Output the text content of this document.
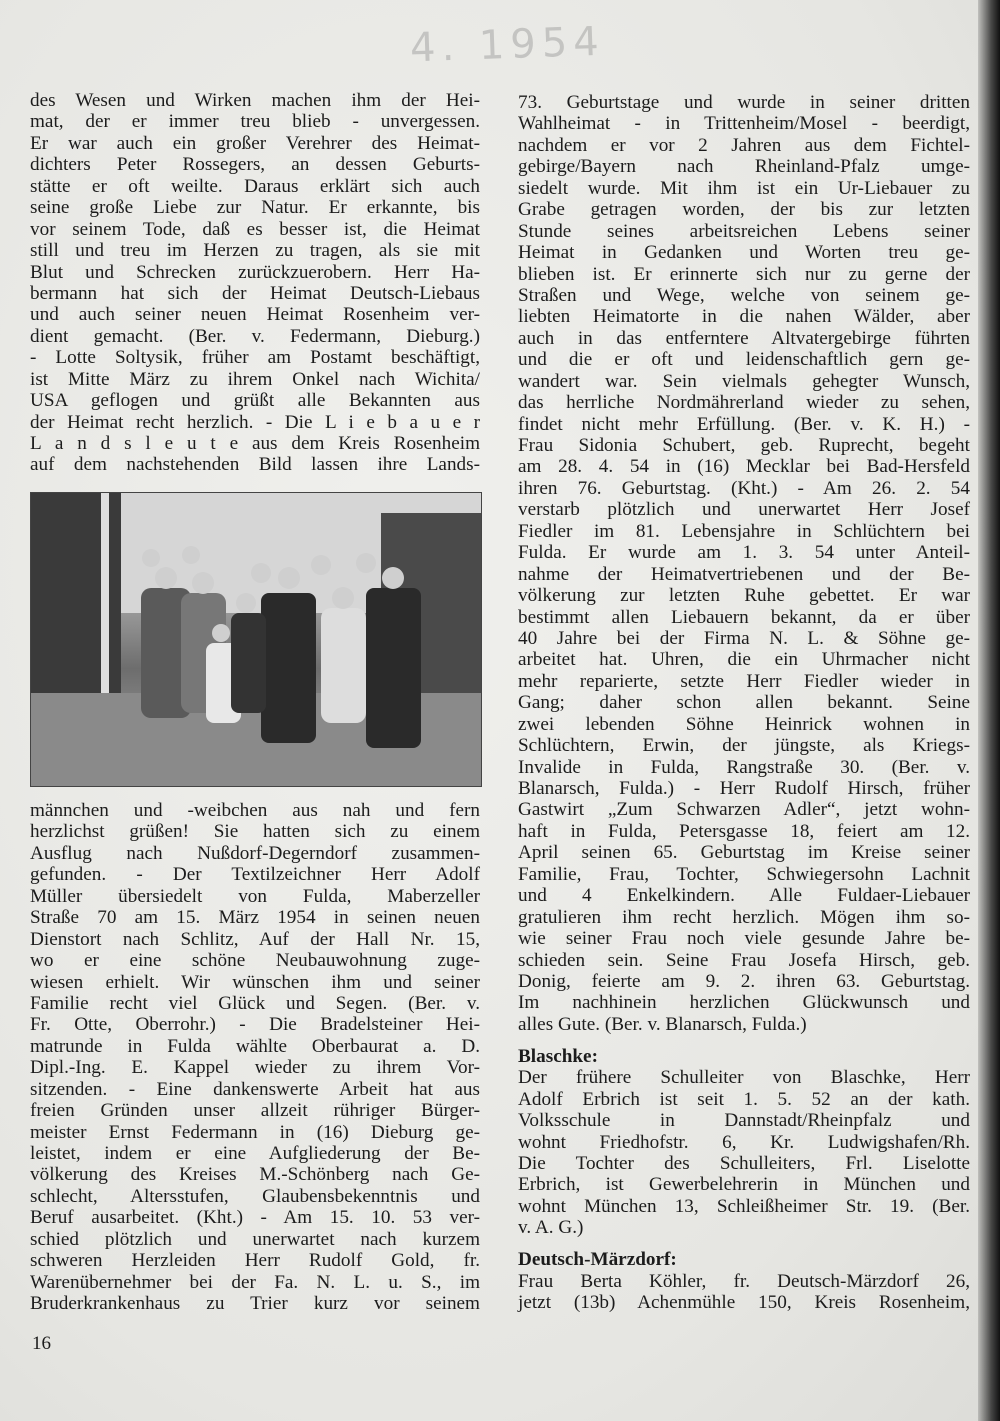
4. 1954
des Wesen und Wirken machen ihm der Hei-
mat, der er immer treu blieb - unvergessen.
Er war auch ein großer Verehrer des Heimat-
dichters Peter Rossegers, an dessen Geburts-
stätte er oft weilte. Daraus erklärt sich auch
seine große Liebe zur Natur. Er erkannte, bis
vor seinem Tode, daß es besser ist, die Heimat
still und treu im Herzen zu tragen, als sie mit
Blut und Schrecken zurückzuerobern. Herr Ha-
bermann hat sich der Heimat Deutsch-Liebaus
und auch seiner neuen Heimat Rosenheim ver-
dient gemacht. (Ber. v. Federmann, Dieburg.)
- Lotte Soltysik, früher am Postamt beschäftigt,
ist Mitte März zu ihrem Onkel nach Wichita/
USA geflogen und grüßt alle Bekannten aus
der Heimat recht herzlich. - Die L i e b a u e r
L a n d s l e u t e aus dem Kreis Rosenheim
auf dem nachstehenden Bild lassen ihre Lands-
männchen und -weibchen aus nah und fern
herzlichst grüßen! Sie hatten sich zu einem
Ausflug nach Nußdorf-Degerndorf zusammen-
gefunden. - Der Textilzeichner Herr Adolf
Müller übersiedelt von Fulda, Maberzeller
Straße 70 am 15. März 1954 in seinen neuen
Dienstort nach Schlitz, Auf der Hall Nr. 15,
wo er eine schöne Neubauwohnung zuge-
wiesen erhielt. Wir wünschen ihm und seiner
Familie recht viel Glück und Segen. (Ber. v.
Fr. Otte, Oberrohr.) - Die Bradelsteiner Hei-
matrunde in Fulda wählte Oberbaurat a. D.
Dipl.-Ing. E. Kappel wieder zu ihrem Vor-
sitzenden. - Eine dankenswerte Arbeit hat aus
freien Gründen unser allzeit rühriger Bürger-
meister Ernst Federmann in (16) Dieburg ge-
leistet, indem er eine Aufgliederung der Be-
völkerung des Kreises M.-Schönberg nach Ge-
schlecht, Altersstufen, Glaubensbekenntnis und
Beruf ausarbeitet. (Kht.) - Am 15. 10. 53 ver-
schied plötzlich und unerwartet nach kurzem
schweren Herzleiden Herr Rudolf Gold, fr.
Warenübernehmer bei der Fa. N. L. u. S., im
Bruderkrankenhaus zu Trier kurz vor seinem
73. Geburtstage und wurde in seiner dritten
Wahlheimat - in Trittenheim/Mosel - beerdigt,
nachdem er vor 2 Jahren aus dem Fichtel-
gebirge/Bayern nach Rheinland-Pfalz umge-
siedelt wurde. Mit ihm ist ein Ur-Liebauer zu
Grabe getragen worden, der bis zur letzten
Stunde seines arbeitsreichen Lebens seiner
Heimat in Gedanken und Worten treu ge-
blieben ist. Er erinnerte sich nur zu gerne der
Straßen und Wege, welche von seinem ge-
liebten Heimatorte in die nahen Wälder, aber
auch in das entferntere Altvatergebirge führten
und die er oft und leidenschaftlich gern ge-
wandert war. Sein vielmals gehegter Wunsch,
das herrliche Nordmährerland wieder zu sehen,
findet nicht mehr Erfüllung. (Ber. v. K. H.) -
Frau Sidonia Schubert, geb. Ruprecht, begeht
am 28. 4. 54 in (16) Mecklar bei Bad-Hersfeld
ihren 76. Geburtstag. (Kht.) - Am 26. 2. 54
verstarb plötzlich und unerwartet Herr Josef
Fiedler im 81. Lebensjahre in Schlüchtern bei
Fulda. Er wurde am 1. 3. 54 unter Anteil-
nahme der Heimatvertriebenen und der Be-
völkerung zur letzten Ruhe gebettet. Er war
bestimmt allen Liebauern bekannt, da er über
40 Jahre bei der Firma N. L. & Söhne ge-
arbeitet hat. Uhren, die ein Uhrmacher nicht
mehr reparierte, setzte Herr Fiedler wieder in
Gang; daher schon allen bekannt. Seine
zwei lebenden Söhne Heinrick wohnen in
Schlüchtern, Erwin, der jüngste, als Kriegs-
Invalide in Fulda, Rangstraße 30. (Ber. v.
Blanarsch, Fulda.) - Herr Rudolf Hirsch, früher
Gastwirt „Zum Schwarzen Adler“, jetzt wohn-
haft in Fulda, Petersgasse 18, feiert am 12.
April seinen 65. Geburtstag im Kreise seiner
Familie, Frau, Tochter, Schwiegersohn Lachnit
und 4 Enkelkindern. Alle Fuldaer-Liebauer
gratulieren ihm recht herzlich. Mögen ihm so-
wie seiner Frau noch viele gesunde Jahre be-
schieden sein. Seine Frau Josefa Hirsch, geb.
Donig, feierte am 9. 2. ihren 63. Geburtstag.
Im nachhinein herzlichen Glückwunsch und
alles Gute. (Ber. v. Blanarsch, Fulda.)
Blaschke:
Der frühere Schulleiter von Blaschke, Herr
Adolf Erbrich ist seit 1. 5. 52 an der kath.
Volksschule in Dannstadt/Rheinpfalz und
wohnt Friedhofstr. 6, Kr. Ludwigshafen/Rh.
Die Tochter des Schulleiters, Frl. Liselotte
Erbrich, ist Gewerbelehrerin in München und
wohnt München 13, Schleißheimer Str. 19. (Ber.
v. A. G.)
Deutsch-Märzdorf:
Frau Berta Köhler, fr. Deutsch-Märzdorf 26,
jetzt (13b) Achenmühle 150, Kreis Rosenheim,
16
